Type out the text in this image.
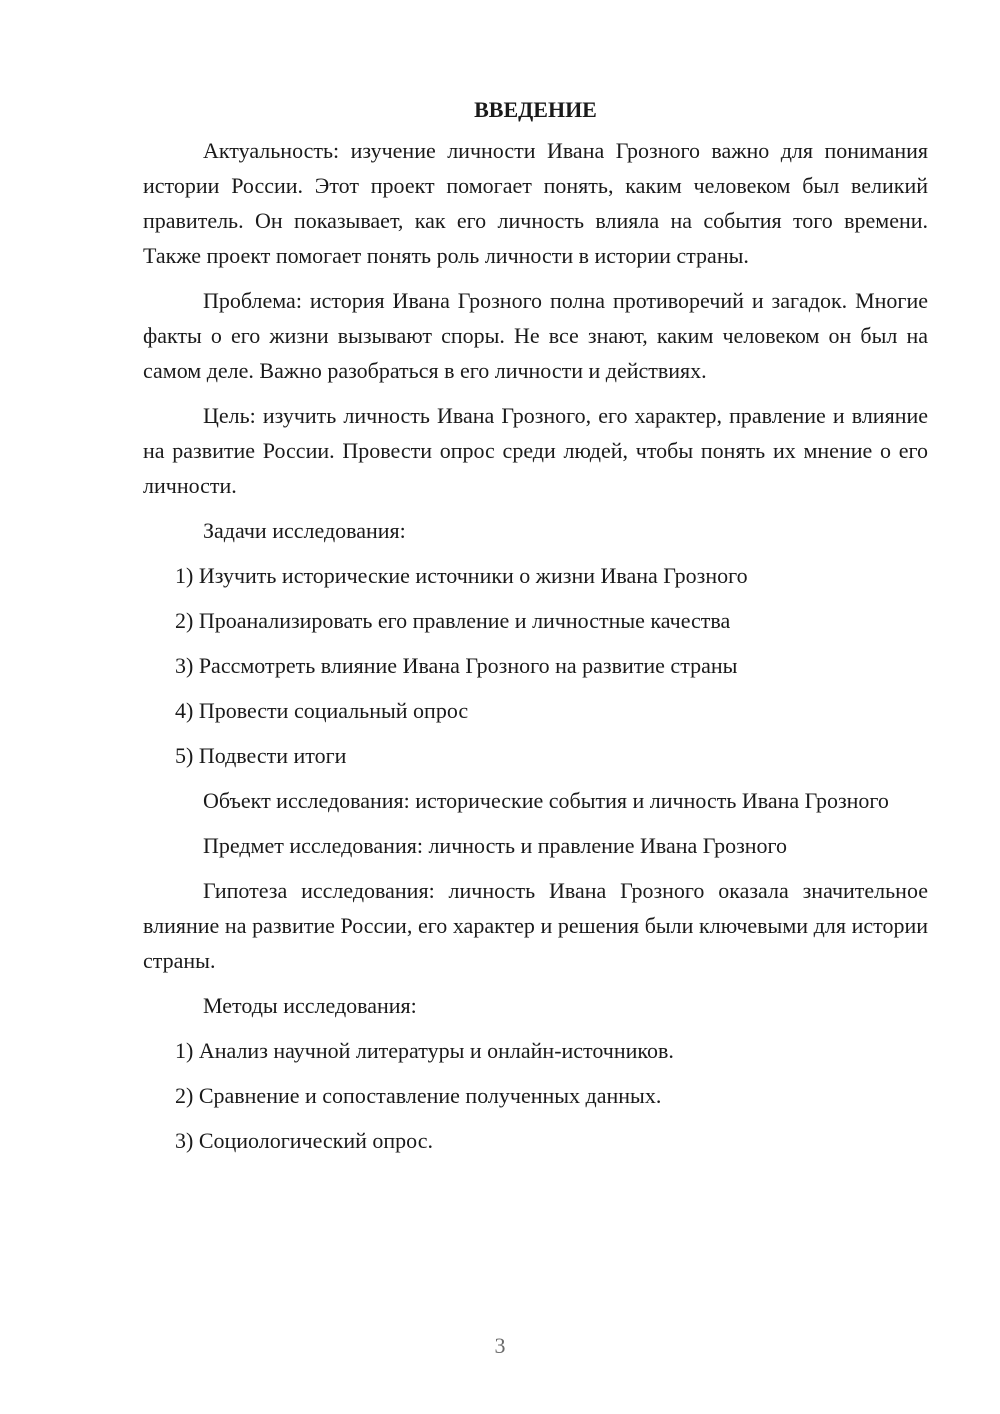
ВВЕДЕНИЕ

Актуальность: изучение личности Ивана Грозного важно для понимания истории России. Этот проект помогает понять, каким человеком был великий правитель. Он показывает, как его личность влияла на события того времени. Также проект помогает понять роль личности в истории страны.

Проблема: история Ивана Грозного полна противоречий и загадок. Многие факты о его жизни вызывают споры. Не все знают, каким человеком он был на самом деле. Важно разобраться в его личности и действиях.

Цель: изучить личность Ивана Грозного, его характер, правление и влияние на развитие России. Провести опрос среди людей, чтобы понять их мнение о его личности.

Задачи исследования:
1) Изучить исторические источники о жизни Ивана Грозного
2) Проанализировать его правление и личностные качества
3) Рассмотреть влияние Ивана Грозного на развитие страны
4) Провести социальный опрос
5) Подвести итоги

Объект исследования: исторические события и личность Ивана Грозного

Предмет исследования: личность и правление Ивана Грозного

Гипотеза исследования: личность Ивана Грозного оказала значительное влияние на развитие России, его характер и решения были ключевыми для истории страны.

Методы исследования:
1) Анализ научной литературы и онлайн-источников.
2) Сравнение и сопоставление полученных данных.
3) Социологический опрос.
3
